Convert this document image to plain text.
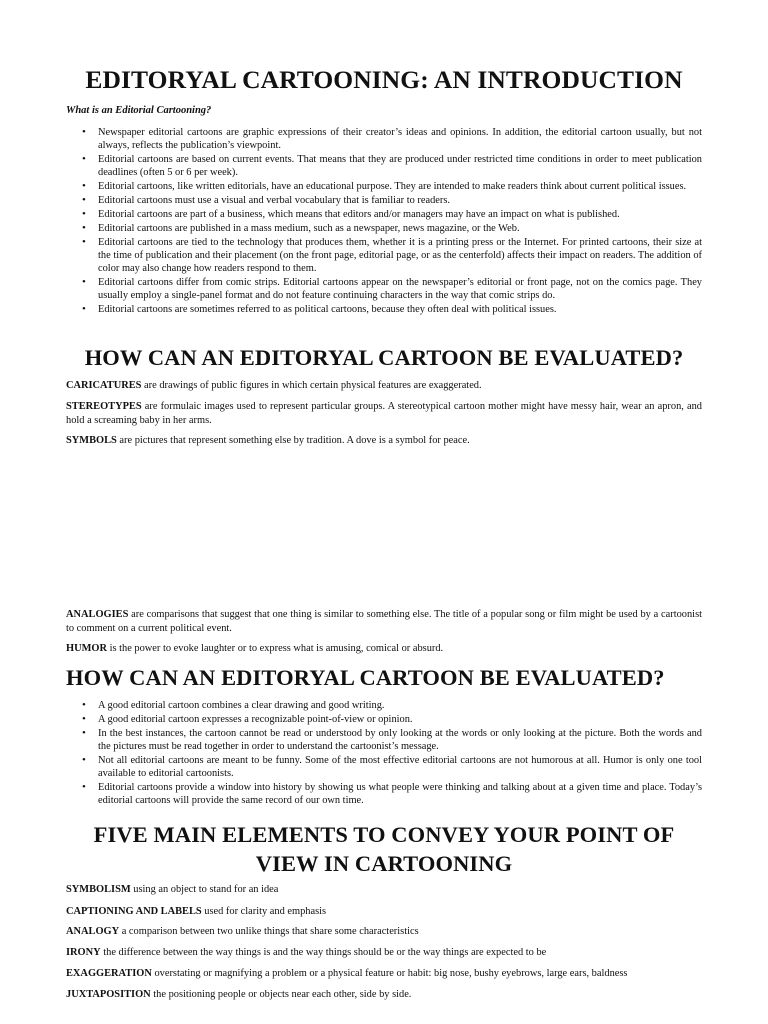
EDITORYAL CARTOONING: AN INTRODUCTION

What is an Editorial Cartooning?

• Newspaper editorial cartoons are graphic expressions of their creator’s ideas and opinions. In addition, the editorial cartoon usually, but not always, reflects the publication’s viewpoint.
• Editorial cartoons are based on current events. That means that they are produced under restricted time conditions in order to meet publication deadlines (often 5 or 6 per week).
• Editorial cartoons, like written editorials, have an educational purpose. They are intended to make readers think about current political issues.
• Editorial cartoons must use a visual and verbal vocabulary that is familiar to readers.
• Editorial cartoons are part of a business, which means that editors and/or managers may have an impact on what is published.
• Editorial cartoons are published in a mass medium, such as a newspaper, news magazine, or the Web.
• Editorial cartoons are tied to the technology that produces them, whether it is a printing press or the Internet. For printed cartoons, their size at the time of publication and their placement (on the front page, editorial page, or as the centerfold) affects their impact on readers. The addition of color may also change how readers respond to them.
• Editorial cartoons differ from comic strips. Editorial cartoons appear on the newspaper’s editorial or front page, not on the comics page. They usually employ a single-panel format and do not feature continuing characters in the way that comic strips do.
• Editorial cartoons are sometimes referred to as political cartoons, because they often deal with political issues.
HOW CAN AN EDITORYAL CARTOON BE EVALUATED?

CARICATURES are drawings of public figures in which certain physical features are exaggerated.

STEREOTYPES are formulaic images used to represent particular groups. A stereotypical cartoon mother might have messy hair, wear an apron, and hold a screaming baby in her arms.

SYMBOLS are pictures that represent something else by tradition. A dove is a symbol for peace.

ANALOGIES are comparisons that suggest that one thing is similar to something else. The title of a popular song or film might be used by a cartoonist to comment on a current political event.

HUMOR is the power to evoke laughter or to express what is amusing, comical or absurd.

HOW CAN AN EDITORYAL CARTOON BE EVALUATED?
• A good editorial cartoon combines a clear drawing and good writing.
• A good editorial cartoon expresses a recognizable point-of-view or opinion.
• In the best instances, the cartoon cannot be read or understood by only looking at the words or only looking at the picture. Both the words and the pictures must be read together in order to understand the cartoonist’s message.
• Not all editorial cartoons are meant to be funny. Some of the most effective editorial cartoons are not humorous at all. Humor is only one tool available to editorial cartoonists.
• Editorial cartoons provide a window into history by showing us what people were thinking and talking about at a given time and place. Today’s editorial cartoons will provide the same record of our own time.
FIVE MAIN ELEMENTS TO CONVEY YOUR POINT OF VIEW IN CARTOONING

SYMBOLISM using an object to stand for an idea

CAPTIONING AND LABELS used for clarity and emphasis

ANALOGY a comparison between two unlike things that share some characteristics

IRONY the difference between the way things is and the way things should be or the way things are expected to be

EXAGGERATION overstating or magnifying a problem or a physical feature or habit: big nose, bushy eyebrows, large ears, baldness

JUXTAPOSITION the positioning people or objects near each other, side by side.
